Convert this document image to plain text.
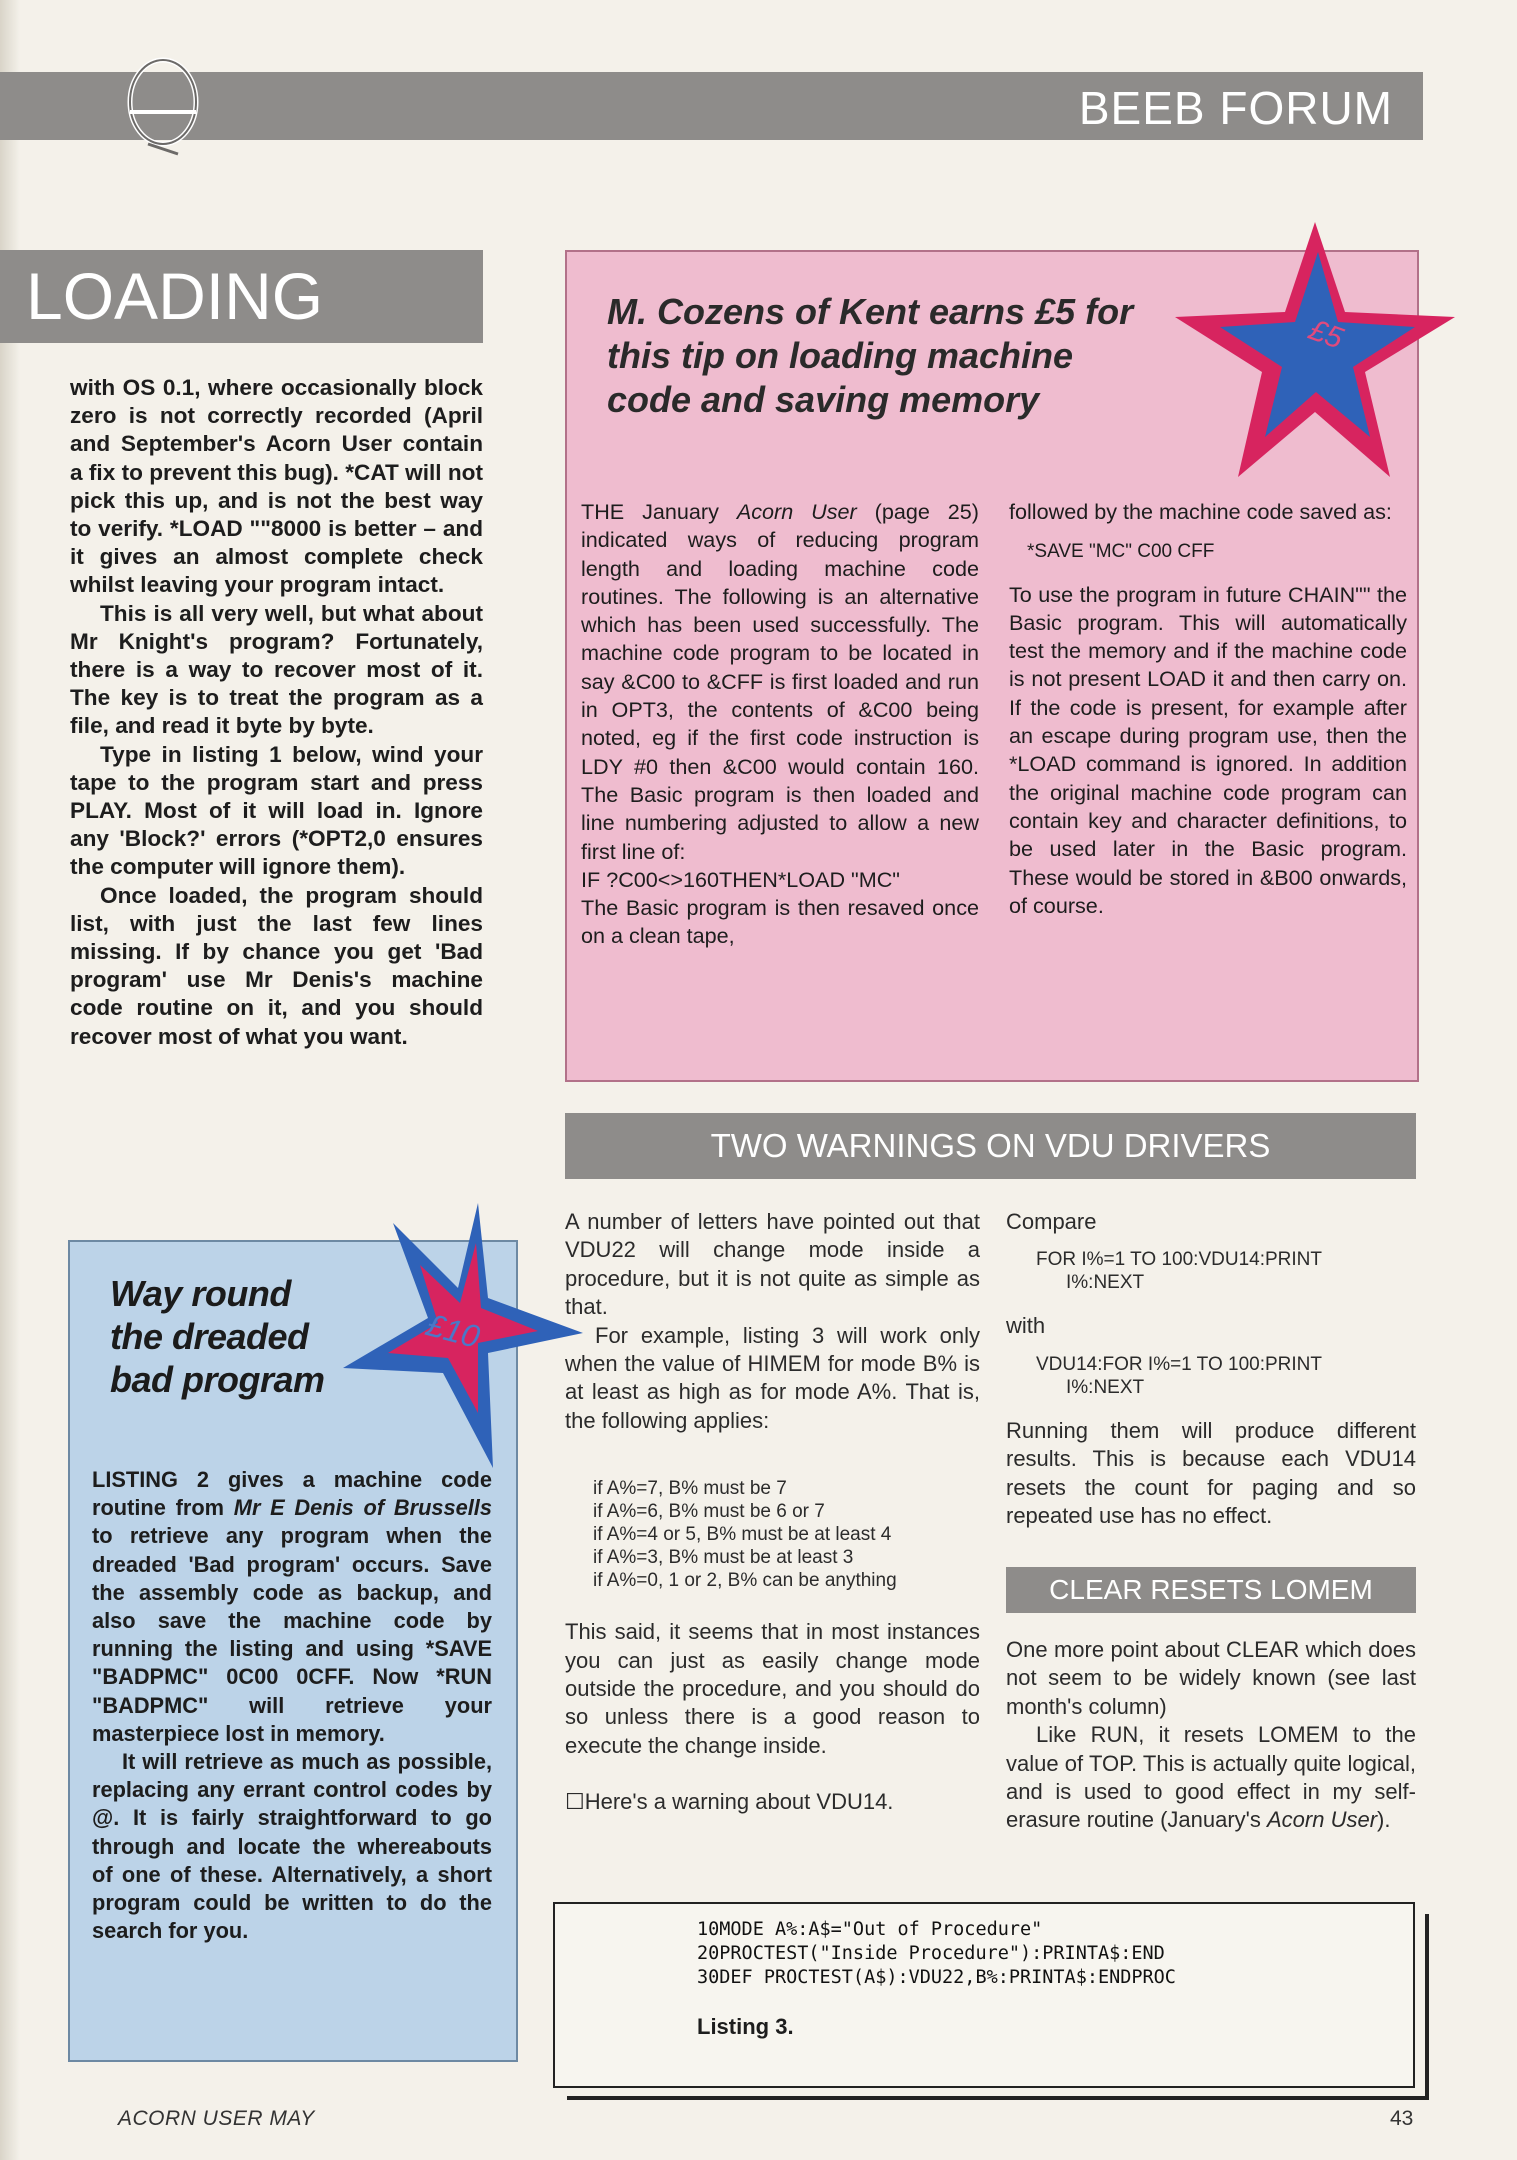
BEEB FORUM
LOADING

with OS 0.1, where occasionally block zero is not correctly recorded (April and September's Acorn User contain a fix to prevent this bug). *CAT will not pick this up, and is not the best way to verify. *LOAD ""8000 is better – and it gives an almost complete check whilst leaving your program intact.

This is all very well, but what about Mr Knight's program? Fortunately, there is a way to recover most of it. The key is to treat the program as a file, and read it byte by byte.

Type in listing 1 below, wind your tape to the program start and press PLAY. Most of it will load in. Ignore any 'Block?' errors (*OPT2,0 ensures the computer will ignore them).

Once loaded, the program should list, with just the last few lines missing. If by chance you get 'Bad program' use Mr Denis's machine code routine on it, and you should recover most of what you want.

M. Cozens of Kent earns £5 for this tip on loading machine code and saving memory

THE January Acorn User (page 25) indicated ways of reducing program length and loading machine code routines. The following is an alternative which has been used successfully. The machine code program to be located in say &C00 to &CFF is first loaded and run in OPT3, the contents of &C00 being noted, eg if the first code instruction is LDY #0 then &C00 would contain 160. The Basic program is then loaded and line numbering adjusted to allow a new first line of:

IF ?C00<>160THEN*LOAD "MC"

The Basic program is then resaved once on a clean tape,

followed by the machine code saved as:

*SAVE "MC" C00 CFF

To use the program in future CHAIN"" the Basic program. This will automatically test the memory and if the machine code is not present LOAD it and then carry on. If the code is present, for example after an escape during program use, then the *LOAD command is ignored. In addition the original machine code program can contain key and character definitions, to be used later in the Basic program. These would be stored in &B00 onwards, of course.

£5
TWO WARNINGS ON VDU DRIVERS

A number of letters have pointed out that VDU22 will change mode inside a procedure, but it is not quite as simple as that.

For example, listing 3 will work only when the value of HIMEM for mode B% is at least as high as for mode A%. That is, the following applies:

if A%=7, B% must be 7
if A%=6, B% must be 6 or 7
if A%=4 or 5, B% must be at least 4
if A%=3, B% must be at least 3
if A%=0, 1 or 2, B% can be anything

This said, it seems that in most instances you can just as easily change mode outside the procedure, and you should do so unless there is a good reason to execute the change inside.

☐Here's a warning about VDU14.

Compare

FOR I%=1 TO 100:VDU14:PRINT
I%:NEXT

with

VDU14:FOR I%=1 TO 100:PRINT
I%:NEXT

Running them will produce different results. This is because each VDU14 resets the count for paging and so repeated use has no effect.

CLEAR RESETS LOMEM

One more point about CLEAR which does not seem to be widely known (see last month's column)

Like RUN, it resets LOMEM to the value of TOP. This is actually quite logical, and is used to good effect in my self-erasure routine (January's Acorn User).

Way round
the dreaded
bad program

LISTING 2 gives a machine code routine from Mr E Denis of Brussells to retrieve any program when the dreaded 'Bad program' occurs. Save the assembly code as backup, and also save the machine code by running the listing and using *SAVE "BADPMC" 0C00 0CFF. Now *RUN "BADPMC" will retrieve your masterpiece lost in memory.

It will retrieve as much as possible, replacing any errant control codes by @. It is fairly straightforward to go through and locate the whereabouts of one of these. Alternatively, a short program could be written to do the search for you.

£10
10MODE A%:A$="Out of Procedure"
20PROCTEST("Inside Procedure"):PRINTA$:END
30DEF PROCTEST(A$):VDU22,B%:PRINTA$:ENDPROC
Listing 3.
ACORN USER MAY	43
